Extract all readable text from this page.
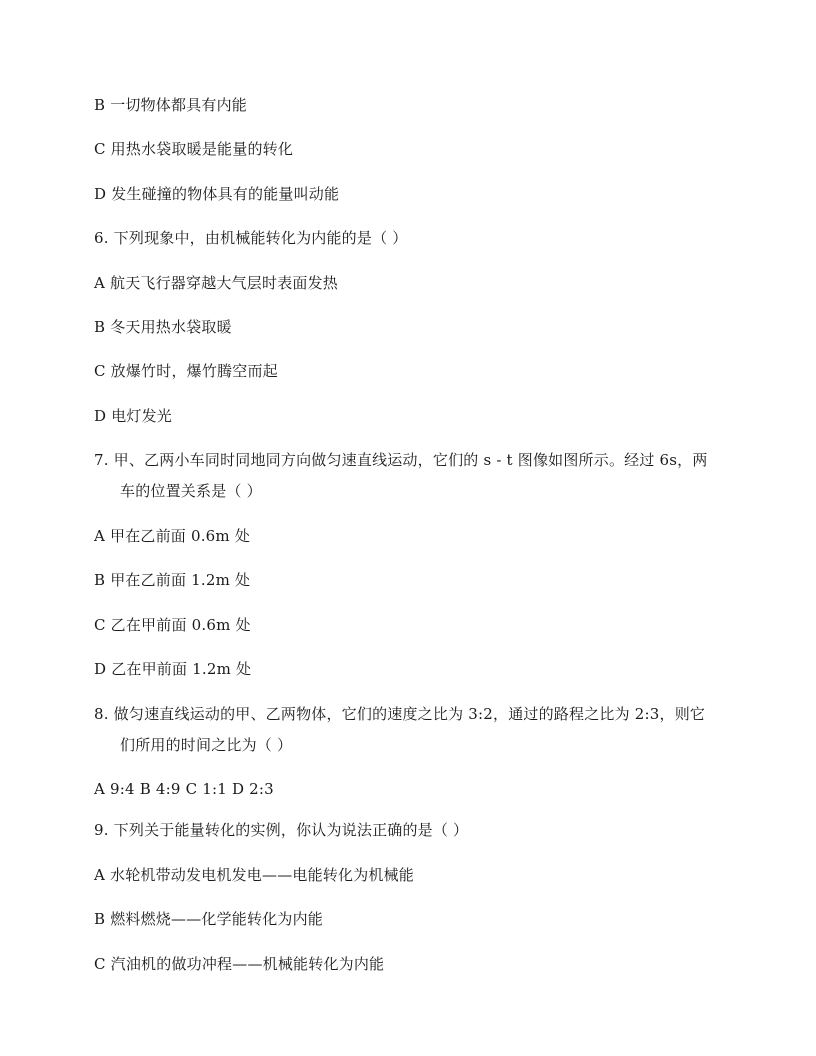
B 一切物体都具有内能
C 用热水袋取暖是能量的转化
D 发生碰撞的物体具有的能量叫动能
6. 下列现象中，由机械能转化为内能的是（ ）
A 航天飞行器穿越大气层时表面发热
B 冬天用热水袋取暖
C 放爆竹时，爆竹腾空而起
D 电灯发光
7. 甲、乙两小车同时同地同方向做匀速直线运动，它们的 s - t 图像如图所示。经过 6s，两
车的位置关系是（ ）
A 甲在乙前面 0.6m 处
B 甲在乙前面 1.2m 处
C 乙在甲前面 0.6m 处
D 乙在甲前面 1.2m 处
8. 做匀速直线运动的甲、乙两物体，它们的速度之比为 3:2，通过的路程之比为 2:3，则它
们所用的时间之比为（ ）
A 9:4 B 4:9 C 1:1 D 2:3
9. 下列关于能量转化的实例，你认为说法正确的是（ ）
A 水轮机带动发电机发电——电能转化为机械能
B 燃料燃烧——化学能转化为内能
C 汽油机的做功冲程——机械能转化为内能
